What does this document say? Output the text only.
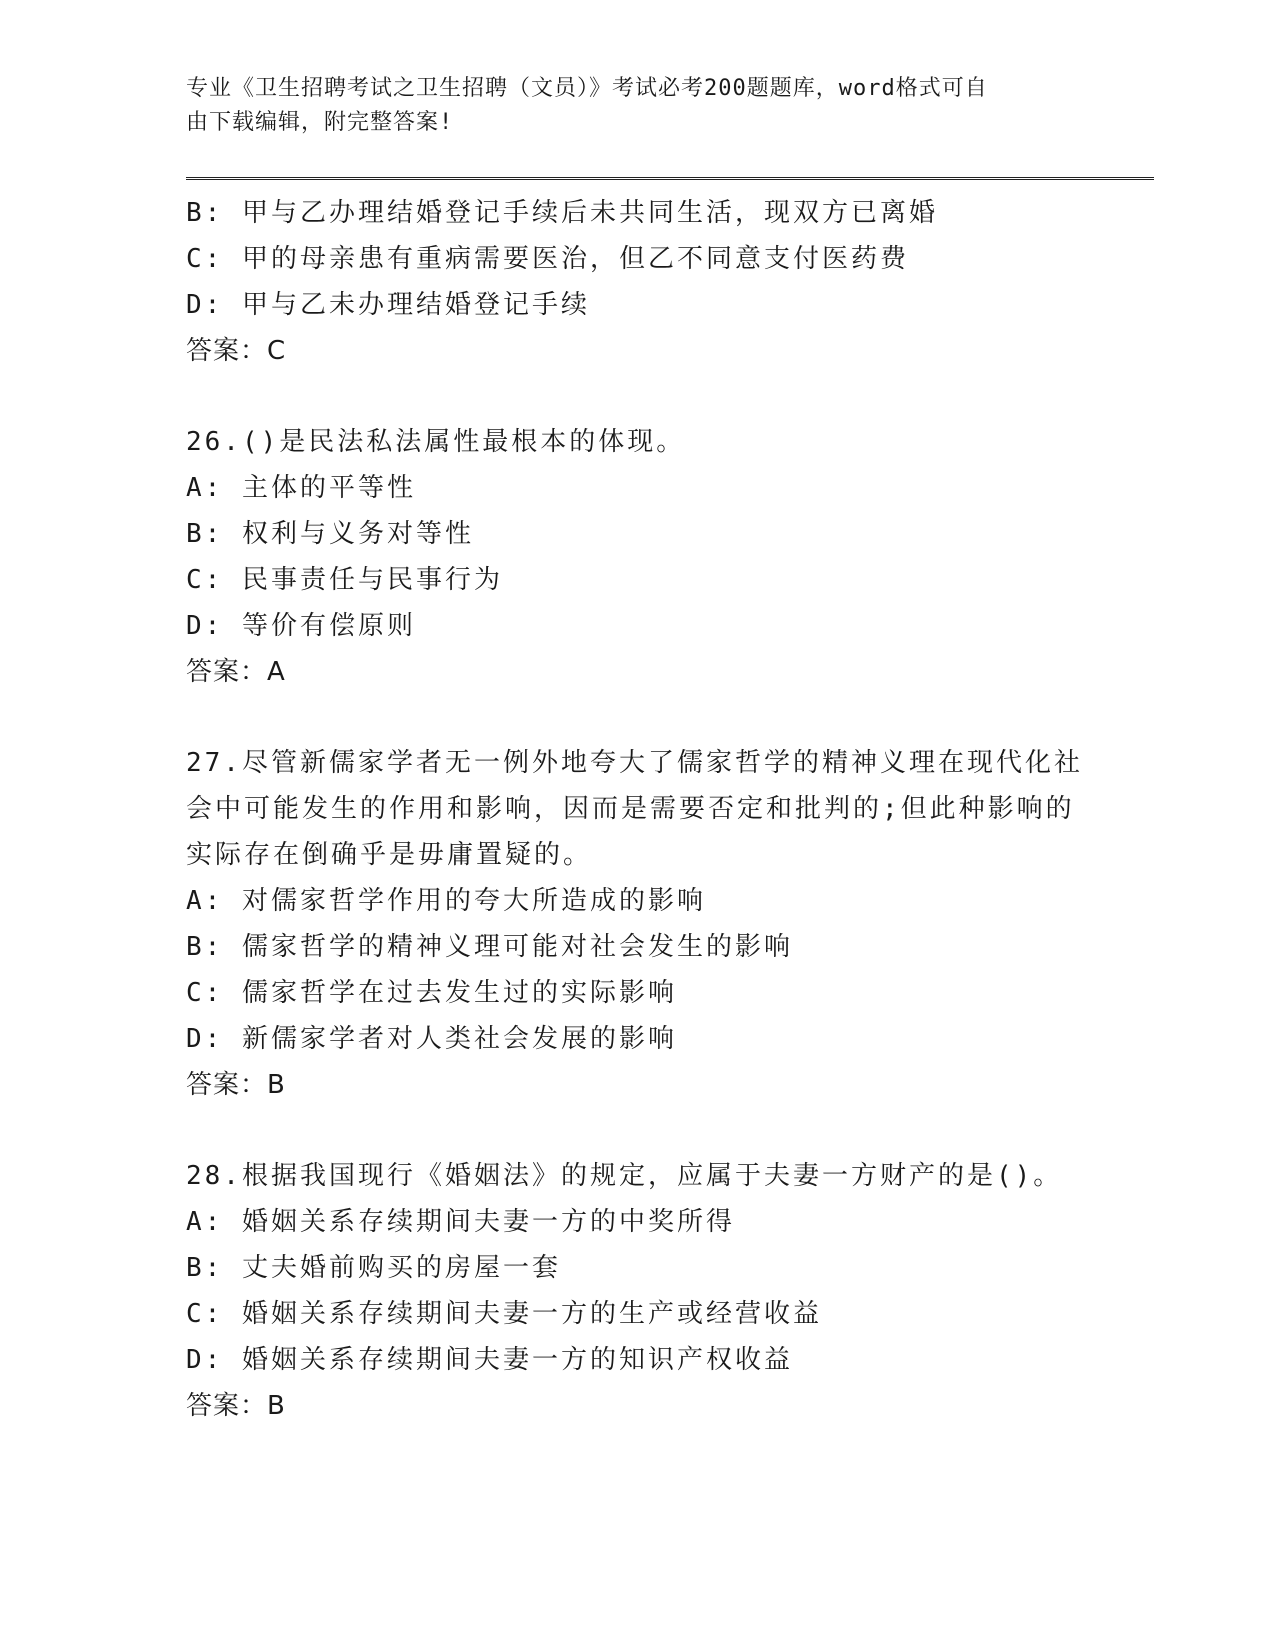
专业《卫生招聘考试之卫生招聘（文员）》考试必考200题题库，word格式可自
由下载编辑，附完整答案!
B: 甲与乙办理结婚登记手续后未共同生活，现双方已离婚
C: 甲的母亲患有重病需要医治，但乙不同意支付医药费
D: 甲与乙未办理结婚登记手续
答案：C
26.()是民法私法属性最根本的体现。
A: 主体的平等性
B: 权利与义务对等性
C: 民事责任与民事行为
D: 等价有偿原则
答案：A
27.尽管新儒家学者无一例外地夸大了儒家哲学的精神义理在现代化社
会中可能发生的作用和影响，因而是需要否定和批判的;但此种影响的
实际存在倒确乎是毋庸置疑的。
A: 对儒家哲学作用的夸大所造成的影响
B: 儒家哲学的精神义理可能对社会发生的影响
C: 儒家哲学在过去发生过的实际影响
D: 新儒家学者对人类社会发展的影响
答案：B
28.根据我国现行《婚姻法》的规定，应属于夫妻一方财产的是()。
A: 婚姻关系存续期间夫妻一方的中奖所得
B: 丈夫婚前购买的房屋一套
C: 婚姻关系存续期间夫妻一方的生产或经营收益
D: 婚姻关系存续期间夫妻一方的知识产权收益
答案：B
